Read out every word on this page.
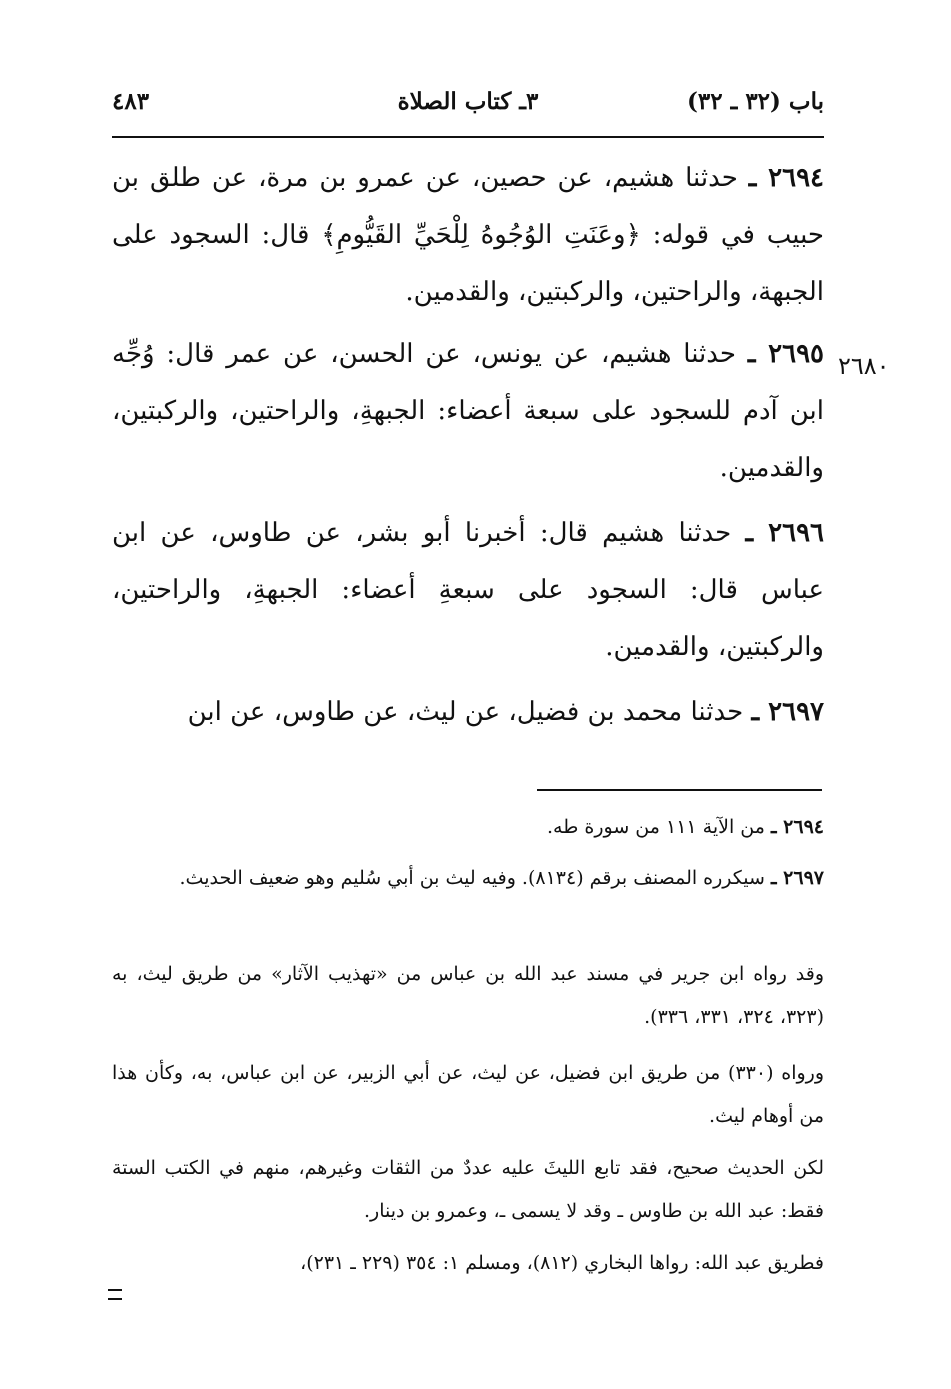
باب (٣٢ ـ ٣٢)
٣ـ كتاب الصلاة
٤٨٣
٢٦٨٠

٢٦٩٤ ـ حدثنا هشيم، عن حصين، عن عمرو بن مرة، عن طلق بن حبيب في قوله: ﴿وعَنَتِ الوُجُوهُ لِلْحَيِّ القَيُّومِ﴾ قال: السجود على الجبهة، والراحتين، والركبتين، والقدمين.

٢٦٩٥ ـ حدثنا هشيم، عن يونس، عن الحسن، عن عمر قال: وُجِّه ابن آدم للسجود على سبعة أعضاء: الجبهةِ، والراحتين، والركبتين، والقدمين.

٢٦٩٦ ـ حدثنا هشيم قال: أخبرنا أبو بشر، عن طاوس، عن ابن عباس قال: السجود على سبعةِ أعضاء: الجبهةِ، والراحتين، والركبتين، والقدمين.

٢٦٩٧ ـ حدثنا محمد بن فضيل، عن ليث، عن طاوس، عن ابن

٢٦٩٤ ـ من الآية ١١١ من سورة طه.

٢٦٩٧ ـ سيكرره المصنف برقم (٨١٣٤). وفيه ليث بن أبي سُليم وهو ضعيف الحديث.

وقد رواه ابن جرير في مسند عبد الله بن عباس من «تهذيب الآثار» من طريق ليث، به (٣٢٣، ٣٢٤، ٣٣١، ٣٣٦).

ورواه (٣٣٠) من طريق ابن فضيل، عن ليث، عن أبي الزبير، عن ابن عباس، به، وكأن هذا من أوهام ليث.

لكن الحديث صحيح، فقد تابع الليثَ عليه عددٌ من الثقات وغيرهم، منهم في الكتب الستة فقط: عبد الله بن طاوس ـ وقد لا يسمى ـ، وعمرو بن دينار.

فطريق عبد الله: رواها البخاري (٨١٢)، ومسلم ١: ٣٥٤ (٢٢٩ ـ ٢٣١)،
